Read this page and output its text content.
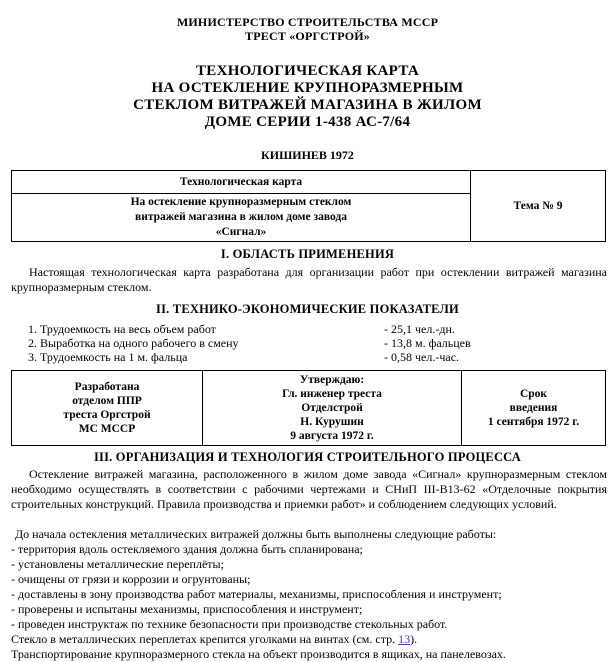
МИНИСТЕРСТВО СТРОИТЕЛЬСТВА МССР
ТРЕСТ «ОРГСТРОЙ»
ТЕХНОЛОГИЧЕСКАЯ КАРТА
НА ОСТЕКЛЕНИЕ КРУПНОРАЗМЕРНЫМ
СТЕКЛОМ ВИТРАЖЕЙ МАГАЗИНА В ЖИЛОМ
ДОМЕ СЕРИИ 1-438 АС-7/64
КИШИНЕВ 1972
Технологическая карта	Тема № 9

На остекление крупноразмерным стеклом
витражей магазина в жилом доме завода
«Сигнал»
I. ОБЛАСТЬ ПРИМЕНЕНИЯ

Настоящая технологическая карта разработана для организации работ при остеклении витражей магазина крупноразмерным стеклом.

II. ТЕХНИКО-ЭКОНОМИЧЕСКИЕ ПОКАЗАТЕЛИ
1. Трудоемкость на весь объем работ	- 25,1 чел.-дн.
2. Выработка на одного рабочего в смену	- 13,8 м. фальцев
3. Трудоемкость на 1 м. фальца	- 0,58 чел.-час.
Разработана
отделом ППР
треста Оргстрой
МС МССР

Утверждаю:
Гл. инженер треста
Отделстрой
Н. Курушин
9 августа 1972 г.

Срок
введения
1 сентября 1972 г.
III. ОРГАНИЗАЦИЯ И ТЕХНОЛОГИЯ СТРОИТЕЛЬНОГО ПРОЦЕССА

Остекление витражей магазина, расположенного в жилом доме завода «Сигнал» крупноразмерным стеклом необходимо осуществлять в соответствии с рабочими чертежами и СНиП III-В13-62 «Отделочные покрытия строительных конструкций. Правила производства и приемки работ» и соблюдением следующих условий.

До начала остекления металлических витражей должны быть выполнены следующие работы:
- территория вдоль остекляемого здания должна быть спланирована;
- установлены металлические переплёты;
- очищены от грязи и коррозии и огрунтованы;
- доставлены в зону производства работ материалы, механизмы, приспособления и инструмент;
- проверены и испытаны механизмы, приспособления и инструмент;
- проведен инструктаж по технике безопасности при производстве стекольных работ.
Стекло в металлических переплетах крепится уголками на винтах (см. стр. 13).
Транспортирование крупноразмерного стекла на объект производится в ящиках, на панелевозах.
